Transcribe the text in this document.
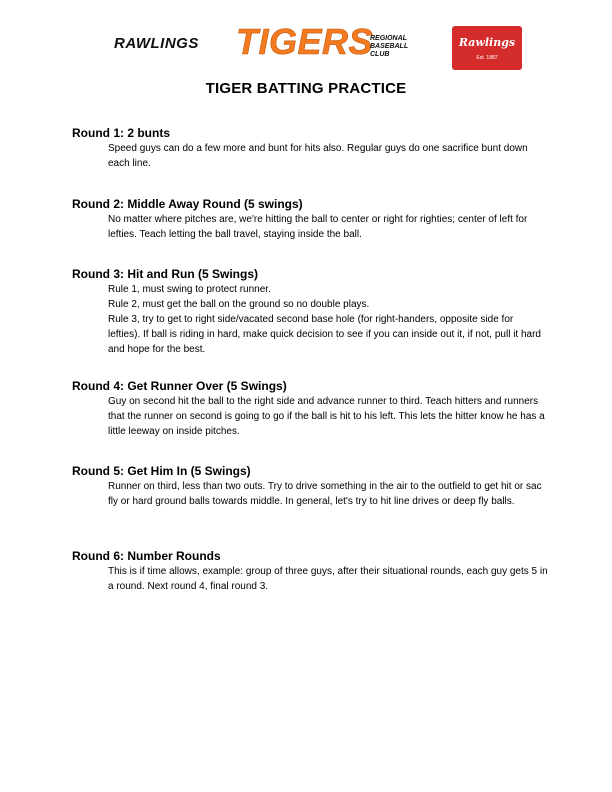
RAWLINGS TIGERS
REGIONAL
BASEBALL
CLUB
Rawlings
Est. 1887
TIGER BATTING PRACTICE
Round 1: 2 bunts

Speed guys can do a few more and bunt for hits also. Regular guys do one sacrifice bunt down each line.

Round 2: Middle Away Round (5 swings)

No matter where pitches are, we're hitting the ball to center or right for righties; center of left for lefties. Teach letting the ball travel, staying inside the ball.

Round 3: Hit and Run (5 Swings)

Rule 1, must swing to protect runner.

Rule 2, must get the ball on the ground so no double plays.

Rule 3, try to get to right side/vacated second base hole (for right-handers, opposite side for lefties). If ball is riding in hard, make quick decision to see if you can inside out it, if not, pull it hard and hope for the best.

Round 4: Get Runner Over (5 Swings)

Guy on second hit the ball to the right side and advance runner to third. Teach hitters and runners that the runner on second is going to go if the ball is hit to his left. This lets the hitter know he has a little leeway on inside pitches.

Round 5: Get Him In (5 Swings)

Runner on third, less than two outs. Try to drive something in the air to the outfield to get hit or sac fly or hard ground balls towards middle. In general, let's try to hit line drives or deep fly balls.

Round 6: Number Rounds

This is if time allows, example: group of three guys, after their situational rounds, each guy gets 5 in a round. Next round 4, final round 3.
